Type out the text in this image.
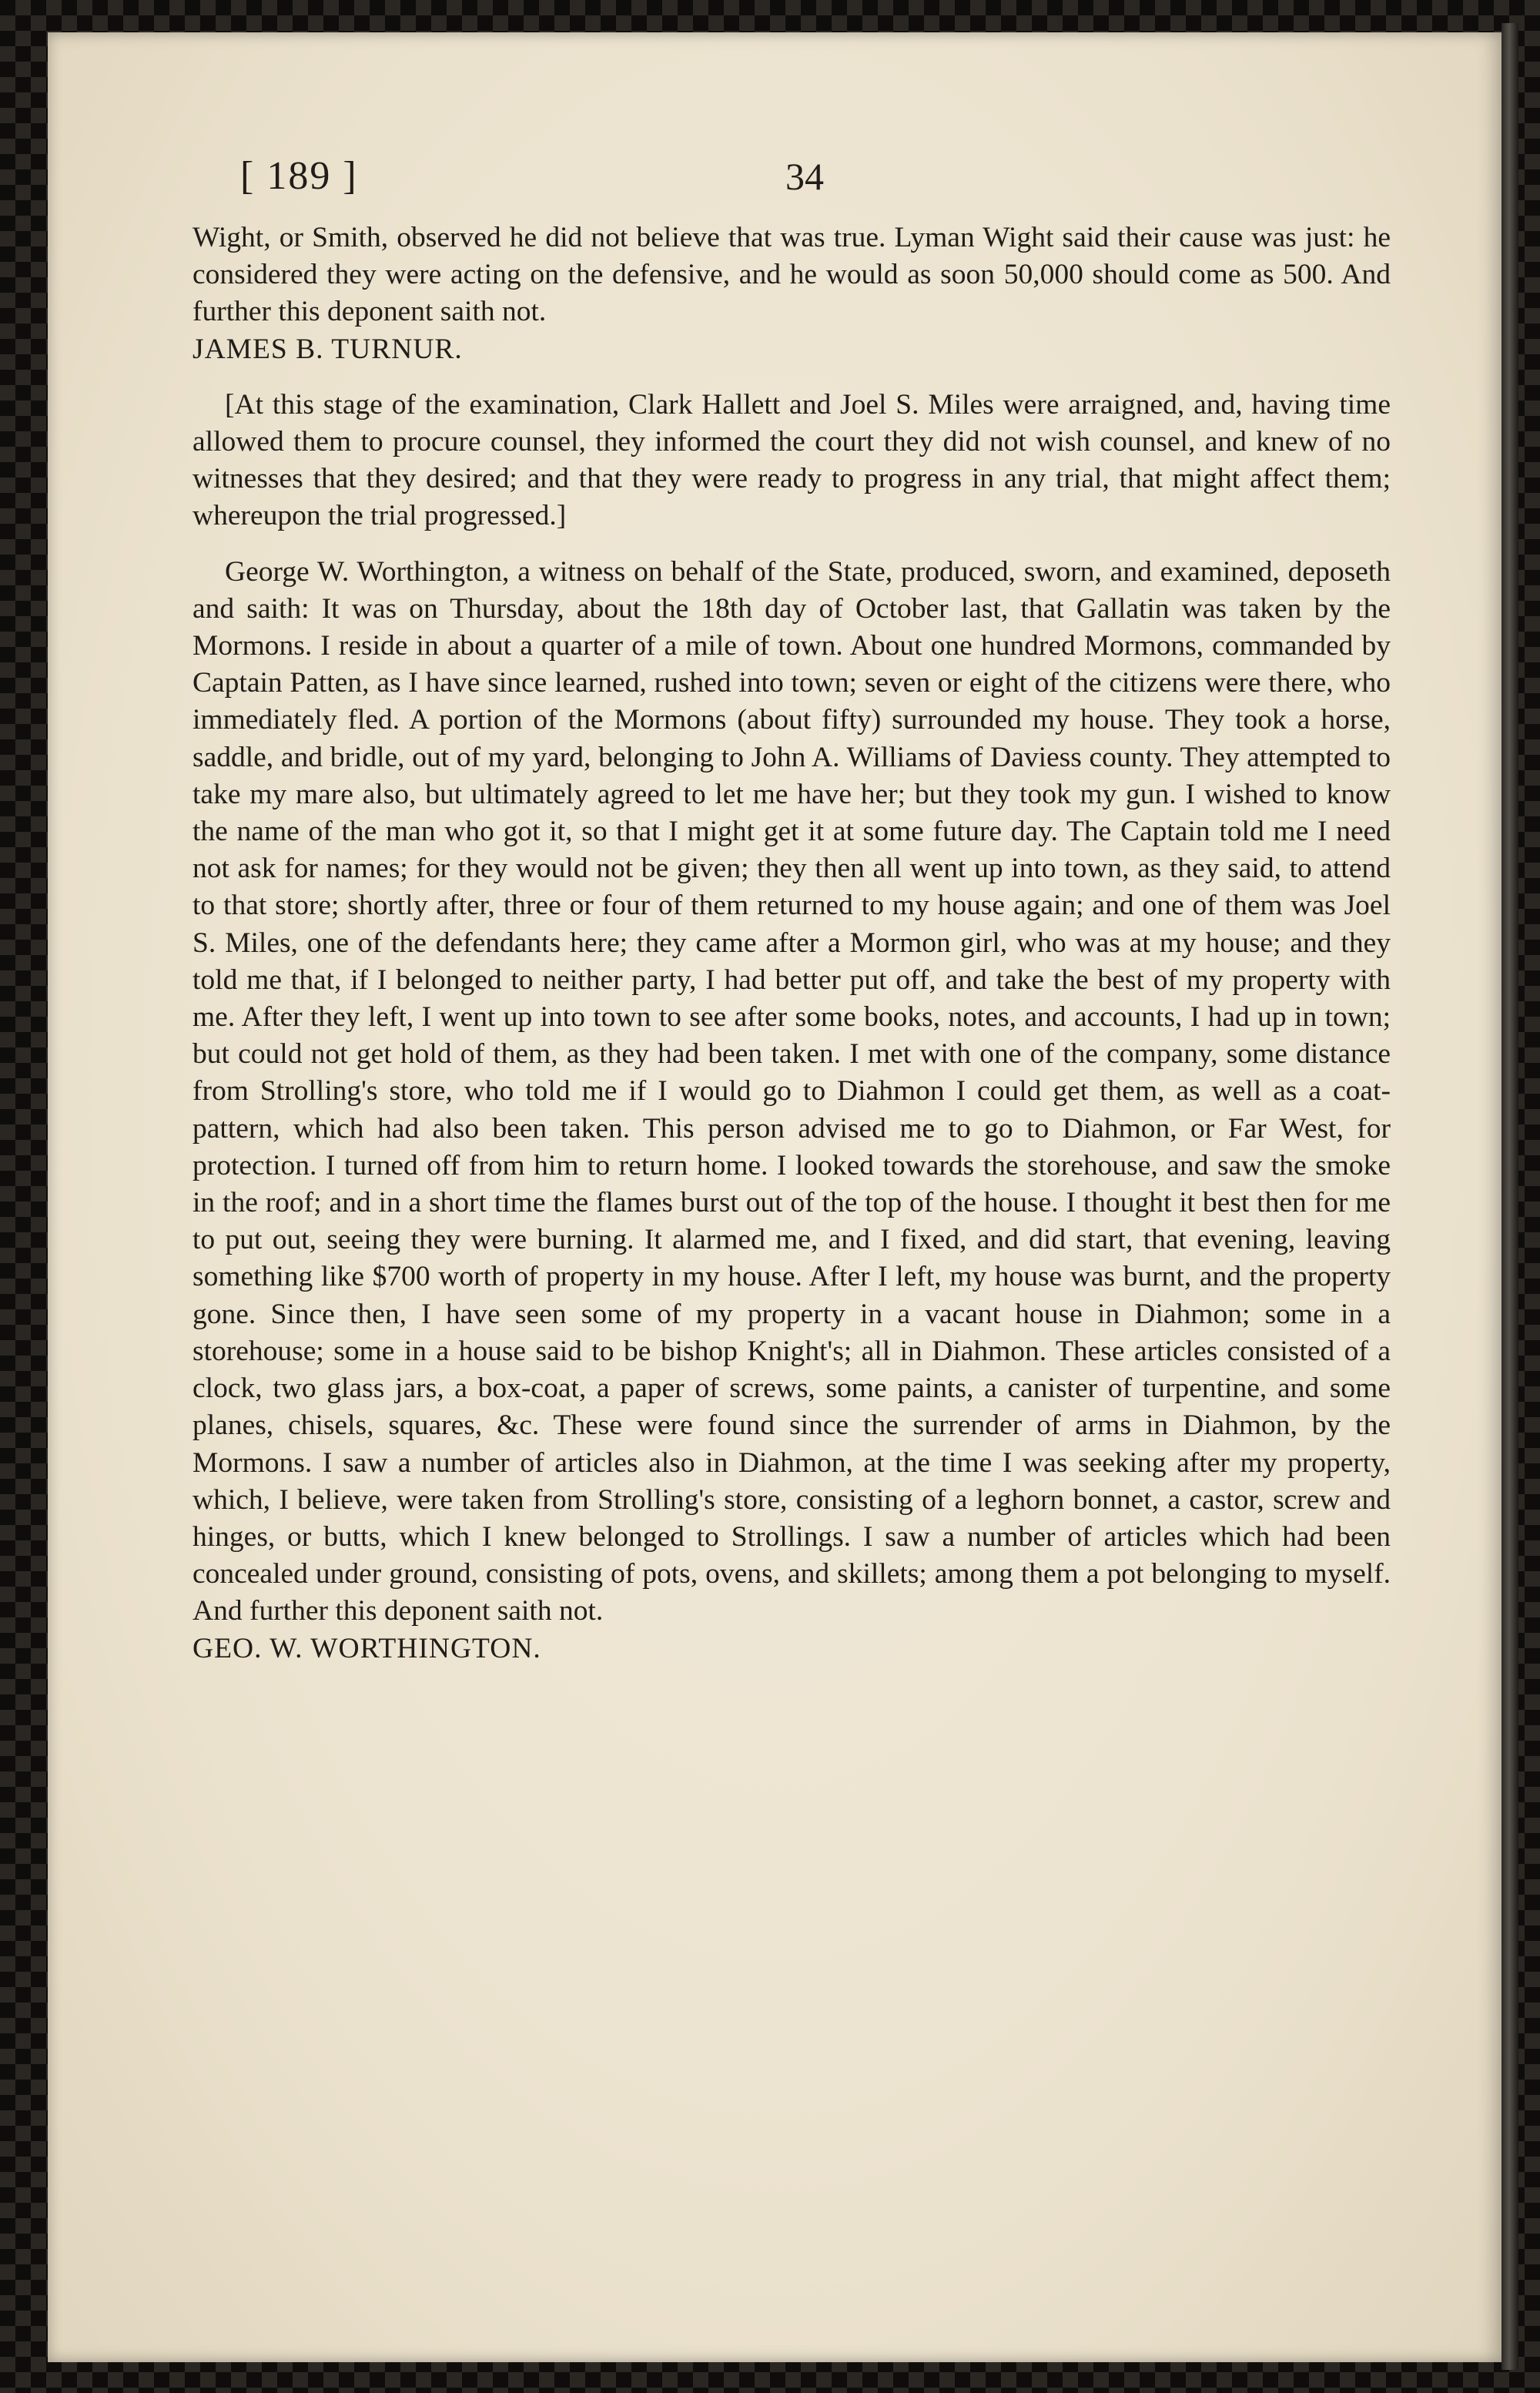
[ 189 ]	34

Wight, or Smith, observed he did not believe that was true. Lyman Wight said their cause was just: he considered they were acting on the defensive, and he would as soon 50,000 should come as 500. And further this deponent saith not.

JAMES B. TURNUR.

[At this stage of the examination, Clark Hallett and Joel S. Miles were arraigned, and, having time allowed them to procure counsel, they informed the court they did not wish counsel, and knew of no witnesses that they desired; and that they were ready to progress in any trial, that might affect them; whereupon the trial progressed.]

George W. Worthington, a witness on behalf of the State, produced, sworn, and examined, deposeth and saith: It was on Thursday, about the 18th day of October last, that Gallatin was taken by the Mormons. I reside in about a quarter of a mile of town. About one hundred Mormons, commanded by Captain Patten, as I have since learned, rushed into town; seven or eight of the citizens were there, who immediately fled. A portion of the Mormons (about fifty) surrounded my house. They took a horse, saddle, and bridle, out of my yard, belonging to John A. Williams of Daviess county. They attempted to take my mare also, but ultimately agreed to let me have her; but they took my gun. I wished to know the name of the man who got it, so that I might get it at some future day. The Captain told me I need not ask for names; for they would not be given; they then all went up into town, as they said, to attend to that store; shortly after, three or four of them returned to my house again; and one of them was Joel S. Miles, one of the defendants here; they came after a Mormon girl, who was at my house; and they told me that, if I belonged to neither party, I had better put off, and take the best of my property with me. After they left, I went up into town to see after some books, notes, and accounts, I had up in town; but could not get hold of them, as they had been taken. I met with one of the company, some distance from Strolling's store, who told me if I would go to Diahmon I could get them, as well as a coat-pattern, which had also been taken. This person advised me to go to Diahmon, or Far West, for protection. I turned off from him to return home. I looked towards the storehouse, and saw the smoke in the roof; and in a short time the flames burst out of the top of the house. I thought it best then for me to put out, seeing they were burning. It alarmed me, and I fixed, and did start, that evening, leaving something like $700 worth of property in my house. After I left, my house was burnt, and the property gone. Since then, I have seen some of my property in a vacant house in Diahmon; some in a storehouse; some in a house said to be bishop Knight's; all in Diahmon. These articles consisted of a clock, two glass jars, a box-coat, a paper of screws, some paints, a canister of turpentine, and some planes, chisels, squares, &c. These were found since the surrender of arms in Diahmon, by the Mormons. I saw a number of articles also in Diahmon, at the time I was seeking after my property, which, I believe, were taken from Strolling's store, consisting of a leghorn bonnet, a castor, screw and hinges, or butts, which I knew belonged to Strollings. I saw a number of articles which had been concealed under ground, consisting of pots, ovens, and skillets; among them a pot belonging to myself. And further this deponent saith not.

GEO. W. WORTHINGTON.
